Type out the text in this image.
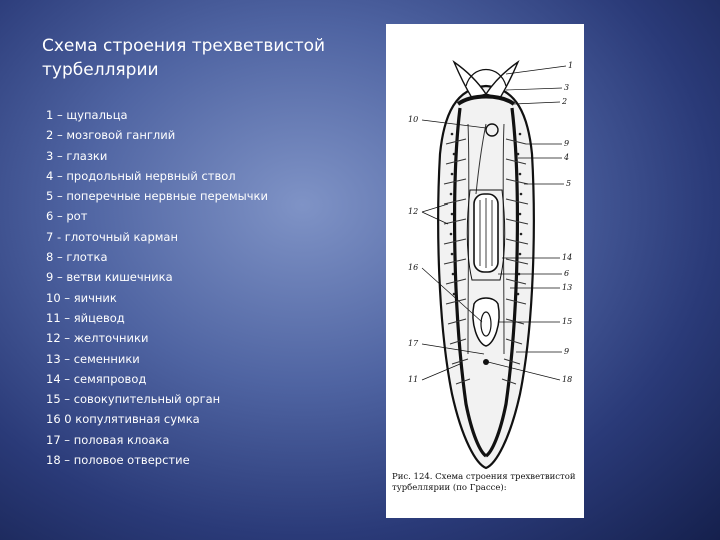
Схема строения трехветвистой турбеллярии
1 – щупальца
2 – мозговой ганглий
3 – глазки
4 – продольный нервный ствол
5 – поперечные нервные перемычки
6 – рот
7 - глоточный карман
8 – глотка
9 – ветви кишечника
10 – яичник
11 – яйцевод
12 – желточники
13 – семенники
14 – семяпровод
15 – совокупительный орган
16 0 копулятивная сумка
17 – половая клоака
18 – половое отверстие
1
3
2
9
4
5
14
6
13
15
9
18
10
12
16
17
11
Рис. 124. Схема строения трехветвистой турбеллярии (по Грассе):
